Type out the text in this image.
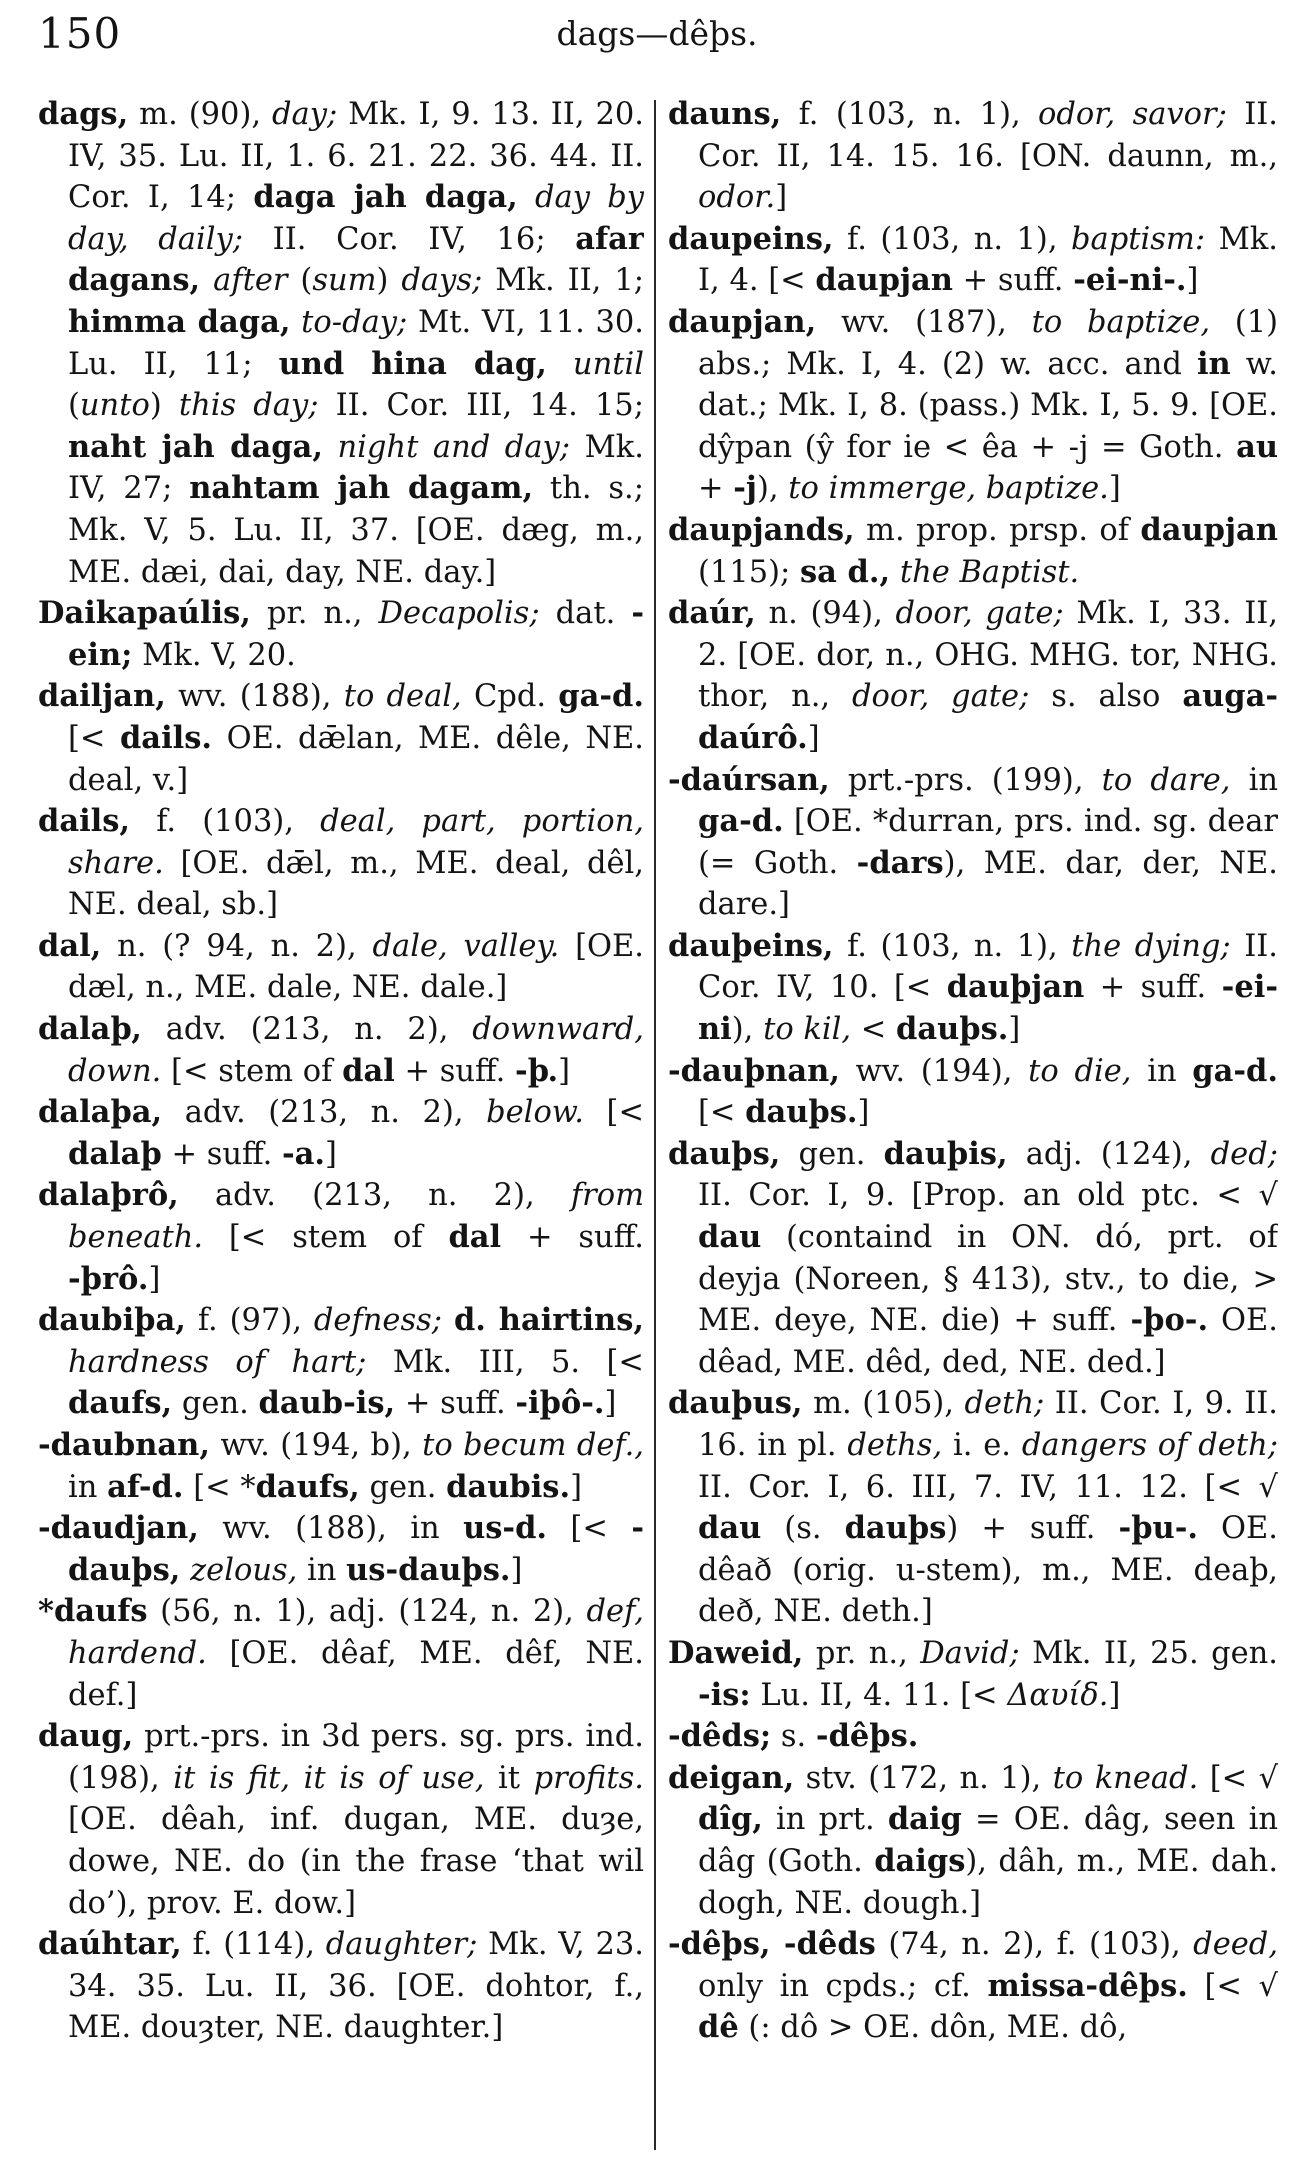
150	dags—dêþs.

dags, m. (90), day; Mk. I, 9. 13. II, 20. IV, 35. Lu. II, 1. 6. 21. 22. 36. 44. II. Cor. I, 14; daga jah daga, day by day, daily; II. Cor. IV, 16; afar dagans, after (sum) days; Mk. II, 1; himma daga, to-day; Mt. VI, 11. 30. Lu. II, 11; und hina dag, until (unto) this day; II. Cor. III, 14. 15; naht jah daga, night and day; Mk. IV, 27; nahtam jah dagam, th. s.; Mk. V, 5. Lu. II, 37. [OE. dæg, m., ME. dæi, dai, day, NE. day.]

Daikapaúlis, pr. n., Decapolis; dat. -ein; Mk. V, 20.

dailjan, wv. (188), to deal, Cpd. ga-d. [< dails. OE. dǣlan, ME. dêle, NE. deal, v.]

dails, f. (103), deal, part, portion, share. [OE. dǣl, m., ME. deal, dêl, NE. deal, sb.]

dal, n. (? 94, n. 2), dale, valley. [OE. dæl, n., ME. dale, NE. dale.]

dalaþ, adv. (213, n. 2), downward, down. [< stem of dal + suff. -þ.]

dalaþa, adv. (213, n. 2), below. [< dalaþ + suff. -a.]

dalaþrô, adv. (213, n. 2), from beneath. [< stem of dal + suff. -þrô.]

daubiþa, f. (97), defness; d. hairtins, hardness of hart; Mk. III, 5. [< daufs, gen. daub-is, + suff. -iþô-.]

-daubnan, wv. (194, b), to becum def., in af-d. [< *daufs, gen. daubis.]

-daudjan, wv. (188), in us-d. [< -dauþs, zelous, in us-dauþs.]

*daufs (56, n. 1), adj. (124, n. 2), def, hardend. [OE. dêaf, ME. dêf, NE. def.]

daug, prt.-prs. in 3d pers. sg. prs. ind. (198), it is fit, it is of use, it profits. [OE. dêah, inf. dugan, ME. duȝe, dowe, NE. do (in the frase ‘that wil do’), prov. E. dow.]

daúhtar, f. (114), daughter; Mk. V, 23. 34. 35. Lu. II, 36. [OE. dohtor, f., ME. douȝter, NE. daughter.]

dauns, f. (103, n. 1), odor, savor; II. Cor. II, 14. 15. 16. [ON. daunn, m., odor.]

daupeins, f. (103, n. 1), baptism: Mk. I, 4. [< daupjan + suff. -ei-ni-.]

daupjan, wv. (187), to baptize, (1) abs.; Mk. I, 4. (2) w. acc. and in w. dat.; Mk. I, 8. (pass.) Mk. I, 5. 9. [OE. dŷpan (ŷ for ie < êa + -j = Goth. au + -j), to immerge, baptize.]

daupjands, m. prop. prsp. of daupjan (115); sa d., the Baptist.

daúr, n. (94), door, gate; Mk. I, 33. II, 2. [OE. dor, n., OHG. MHG. tor, NHG. thor, n., door, gate; s. also auga-daúrô.]

-daúrsan, prt.-prs. (199), to dare, in ga-d. [OE. *durran, prs. ind. sg. dear (= Goth. -dars), ME. dar, der, NE. dare.]

dauþeins, f. (103, n. 1), the dying; II. Cor. IV, 10. [< dauþjan + suff. -ei-ni), to kil, < dauþs.]

-dauþnan, wv. (194), to die, in ga-d. [< dauþs.]

dauþs, gen. dauþis, adj. (124), ded; II. Cor. I, 9. [Prop. an old ptc. < √ dau (containd in ON. dó, prt. of deyja (Noreen, § 413), stv., to die, > ME. deye, NE. die) + suff. -þo-. OE. dêad, ME. dêd, ded, NE. ded.]

dauþus, m. (105), deth; II. Cor. I, 9. II. 16. in pl. deths, i. e. dangers of deth; II. Cor. I, 6. III, 7. IV, 11. 12. [< √ dau (s. dauþs) + suff. -þu-. OE. dêað (orig. u-stem), m., ME. deaþ, deð, NE. deth.]

Daweid, pr. n., David; Mk. II, 25. gen. -is: Lu. II, 4. 11. [< Δαυίδ.]

-dêds; s. -dêþs.

deigan, stv. (172, n. 1), to knead. [< √ dîg, in prt. daig = OE. dâg, seen in dâg (Goth. daigs), dâh, m., ME. dah. dogh, NE. dough.]

-dêþs, -dêds (74, n. 2), f. (103), deed, only in cpds.; cf. missa-dêþs. [< √ dê (: dô > OE. dôn, ME. dô,
